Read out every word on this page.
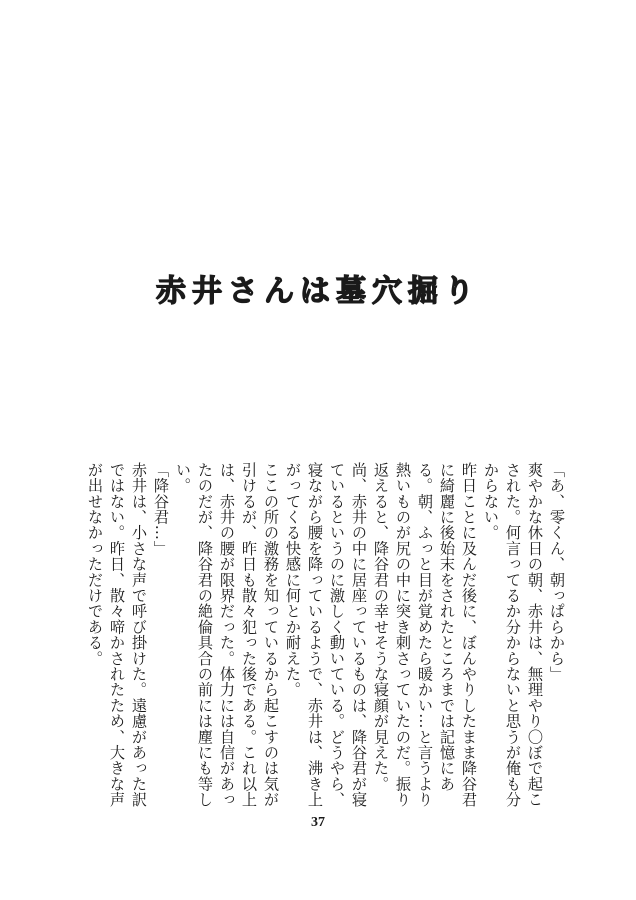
赤井さんは墓穴掘り

「あ、零くん、朝っぱらから」

爽やかな休日の朝、赤井は、無理やり〇ぼで起こされた。何言ってるか分からないと思うが俺も分からない。

昨日ことに及んだ後に、ぼんやりしたまま降谷君に綺麗に後始末をされたところまでは記憶にある。朝、ふっと目が覚めたら暖かい…と言うより熱いものが尻の中に突き刺さっていたのだ。振り返えると、降谷君の幸せそうな寝顔が見えた。

尚、赤井の中に居座っているものは、降谷君が寝ているというのに激しく動いている。どうやら、寝ながら腰を降っているようで、赤井は、沸き上がってくる快感に何とか耐えた。

ここの所の激務を知っているから起こすのは気が引けるが、昨日も散々犯った後である。これ以上は、赤井の腰が限界だった。体力には自信があったのだが、降谷君の絶倫具合の前には塵にも等しい。

「降谷君…」

赤井は、小さな声で呼び掛けた。遠慮があった訳ではない。昨日、散々啼かされたため、大きな声が出せなかっただけである。

37
